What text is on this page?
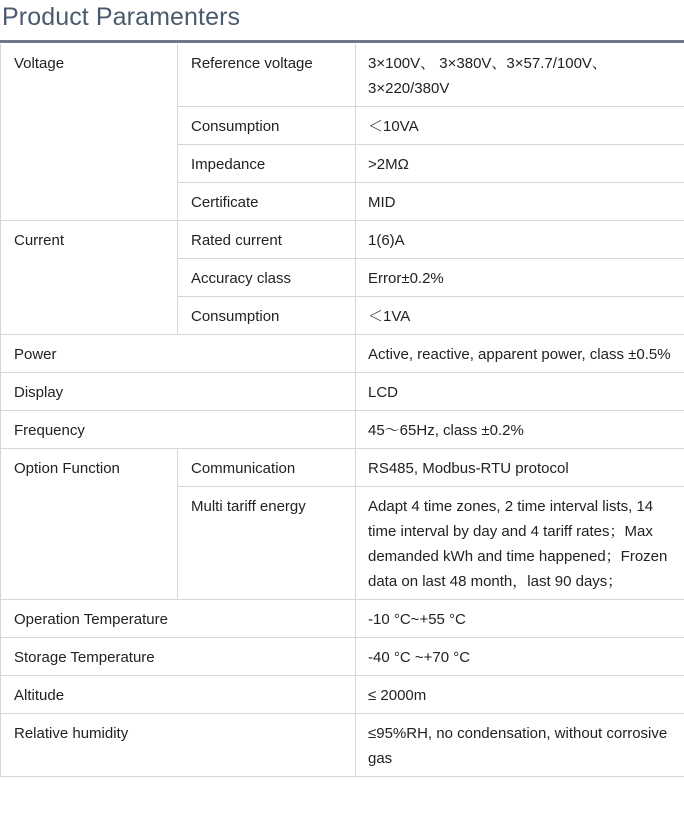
Product Paramenters
Voltage	Reference voltage	3×100V、 3×380V、3×57.7/100V、
3×220/380V
	Consumption	＜10VA
	Impedance	>2MΩ
	Certificate	MID
Current	Rated current	1(6)A
	Accuracy class	Error±0.2%
	Consumption	＜1VA
Power		Active, reactive, apparent power, class ±0.5%
Display		LCD
Frequency		45～65Hz, class ±0.2%
Option Function	Communication	RS485, Modbus-RTU protocol
	Multi tariff energy	Adapt 4 time zones, 2 time interval lists, 14 time interval by day and 4 tariff rates；Max demanded kWh and time happened；Frozen
data on last 48 month，last 90 days；
Operation Temperature		-10 °C~+55 °C
Storage Temperature		-40 °C ~+70 °C
Altitude		≤ 2000m
Relative humidity		≤95%RH, no condensation, without corrosive gas
